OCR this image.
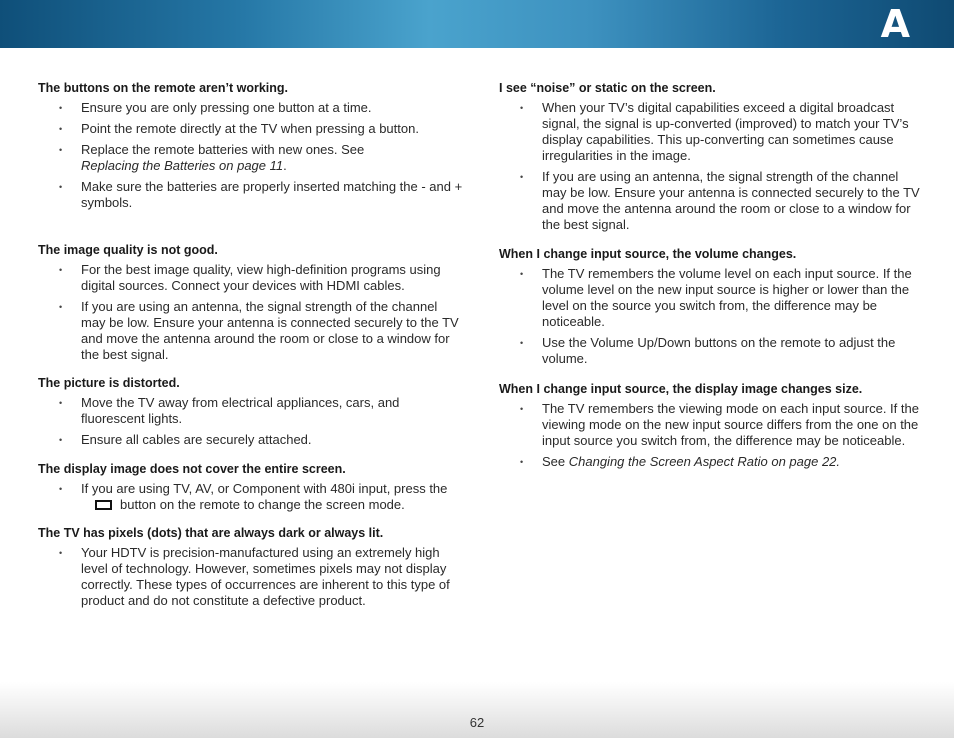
A
The buttons on the remote aren’t working.
• Ensure you are only pressing one button at a time.
• Point the remote directly at the TV when pressing a button.
• Replace the remote batteries with new ones. See
Replacing the Batteries on page 11.
• Make sure the batteries are properly inserted matching the - and + symbols.
The image quality is not good.
• For the best image quality, view high-definition programs using digital sources. Connect your devices with HDMI cables.
• If you are using an antenna, the signal strength of the channel may be low. Ensure your antenna is connected securely to the TV and move the antenna around the room or close to a window for the best signal.
The picture is distorted.
• Move the TV away from electrical appliances, cars, and fluorescent lights.
• Ensure all cables are securely attached.
The display image does not cover the entire screen.
• If you are using TV, AV, or Component with 480i input, press thebutton on the remote to change the screen mode.
The TV has pixels (dots) that are always dark or always lit.
• Your HDTV is precision-manufactured using an extremely high level of technology. However, sometimes pixels may not display correctly. These types of occurrences are inherent to this type of product and do not constitute a defective product.
I see “noise” or static on the screen.
• When your TV’s digital capabilities exceed a digital broadcast signal, the signal is up-converted (improved) to match your TV’s display capabilities. This up-converting can sometimes cause irregularities in the image.
• If you are using an antenna, the signal strength of the channel may be low. Ensure your antenna is connected securely to the TV and move the antenna around the room or close to a window for the best signal.
When I change input source, the volume changes.
• The TV remembers the volume level on each input source. If the volume level on the new input source is higher or lower than the level on the source you switch from, the difference may be noticeable.
• Use the Volume Up/Down buttons on the remote to adjust the volume.
When I change input source, the display image changes size.
• The TV remembers the viewing mode on each input source. If the viewing mode on the new input source differs from the one on the input source you switch from, the difference may be noticeable.
• See Changing the Screen Aspect Ratio on page 22.
62
